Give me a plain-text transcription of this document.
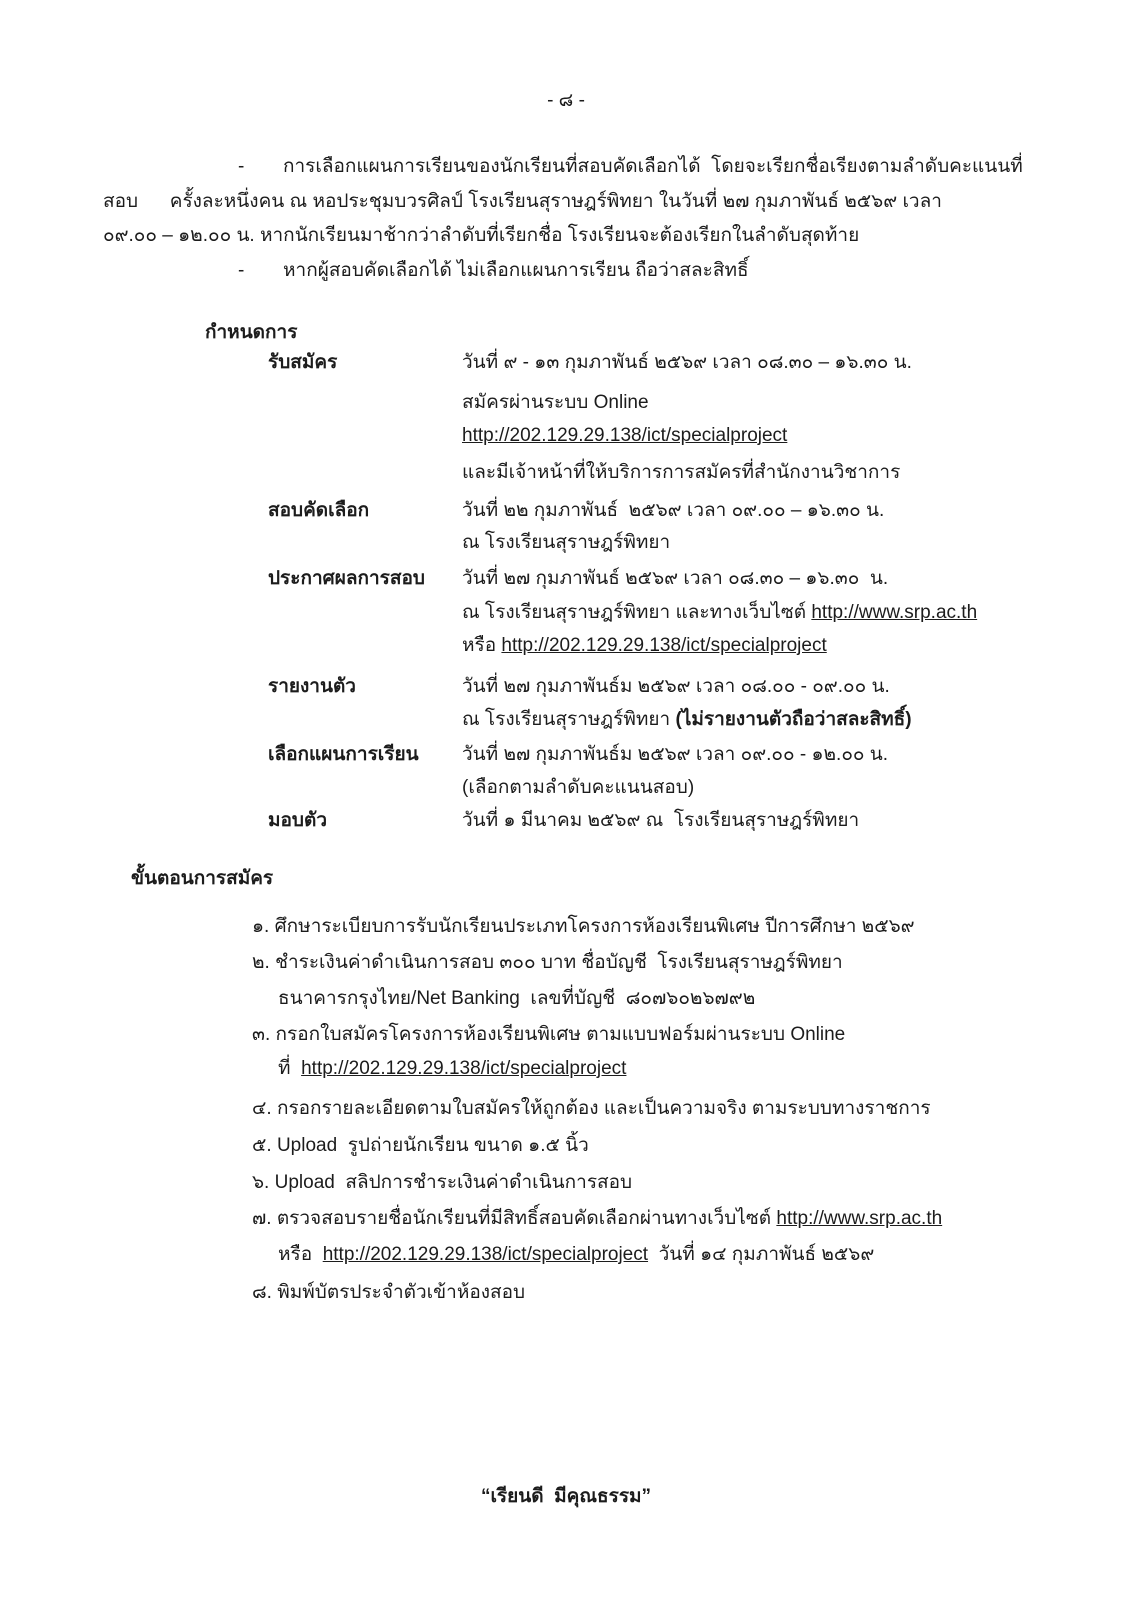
- ๘ -
- การเลือกแผนการเรียนของนักเรียนที่สอบคัดเลือกได้  โดยจะเรียกชื่อเรียงตามลำดับคะแนนที่
สอบ      ครั้งละหนึ่งคน ณ หอประชุมบวรศิลป์ โรงเรียนสุราษฎร์พิทยา ในวันที่ ๒๗ กุมภาพันธ์ ๒๕๖๙ เวลา
๐๙.๐๐ – ๑๒.๐๐ น. หากนักเรียนมาช้ากว่าลำดับที่เรียกชื่อ โรงเรียนจะต้องเรียกในลำดับสุดท้าย
- หากผู้สอบคัดเลือกได้ ไม่เลือกแผนการเรียน ถือว่าสละสิทธิ์
กำหนดการ
รับสมัคร	วันที่ ๙ - ๑๓ กุมภาพันธ์ ๒๕๖๙ เวลา ๐๘.๓๐ – ๑๖.๓๐ น.
สมัครผ่านระบบ Online
http://202.129.29.138/ict/specialproject
และมีเจ้าหน้าที่ให้บริการการสมัครที่สำนักงานวิชาการ
สอบคัดเลือก	วันที่ ๒๒ กุมภาพันธ์  ๒๕๖๙ เวลา ๐๙.๐๐ – ๑๖.๓๐ น.
ณ โรงเรียนสุราษฎร์พิทยา
ประกาศผลการสอบ วันที่ ๒๗ กุมภาพันธ์ ๒๕๖๙ เวลา ๐๘.๓๐ – ๑๖.๓๐  น.
ณ โรงเรียนสุราษฎร์พิทยา และทางเว็บไซต์ http://www.srp.ac.th
หรือ http://202.129.29.138/ict/specialproject
รายงานตัว	วันที่ ๒๗ กุมภาพันธ์ม ๒๕๖๙ เวลา ๐๘.๐๐ - ๐๙.๐๐ น.
ณ โรงเรียนสุราษฎร์พิทยา (ไม่รายงานตัวถือว่าสละสิทธิ์)
เลือกแผนการเรียน วันที่ ๒๗ กุมภาพันธ์ม ๒๕๖๙ เวลา ๐๙.๐๐ - ๑๒.๐๐ น.
(เลือกตามลำดับคะแนนสอบ)
มอบตัว	วันที่ ๑ มีนาคม ๒๕๖๙ ณ  โรงเรียนสุราษฎร์พิทยา
ขั้นตอนการสมัคร
๑. ศึกษาระเบียบการรับนักเรียนประเภทโครงการห้องเรียนพิเศษ ปีการศึกษา ๒๕๖๙
๒. ชำระเงินค่าดำเนินการสอบ ๓๐๐ บาท ชื่อบัญชี  โรงเรียนสุราษฎร์พิทยา
ธนาคารกรุงไทย/Net Banking  เลขที่บัญชี  ๘๐๗๖๐๒๖๗๙๒
๓. กรอกใบสมัครโครงการห้องเรียนพิเศษ ตามแบบฟอร์มผ่านระบบ Online
ที่  http://202.129.29.138/ict/specialproject
๔. กรอกรายละเอียดตามใบสมัครให้ถูกต้อง และเป็นความจริง ตามระบบทางราชการ
๕. Upload  รูปถ่ายนักเรียน ขนาด ๑.๕ นิ้ว
๖. Upload  สลิปการชำระเงินค่าดำเนินการสอบ
๗. ตรวจสอบรายชื่อนักเรียนที่มีสิทธิ์สอบคัดเลือกผ่านทางเว็บไซต์ http://www.srp.ac.th
หรือ  http://202.129.29.138/ict/specialproject  วันที่ ๑๔ กุมภาพันธ์ ๒๕๖๙
๘. พิมพ์บัตรประจำตัวเข้าห้องสอบ
“เรียนดี  มีคุณธรรม”
